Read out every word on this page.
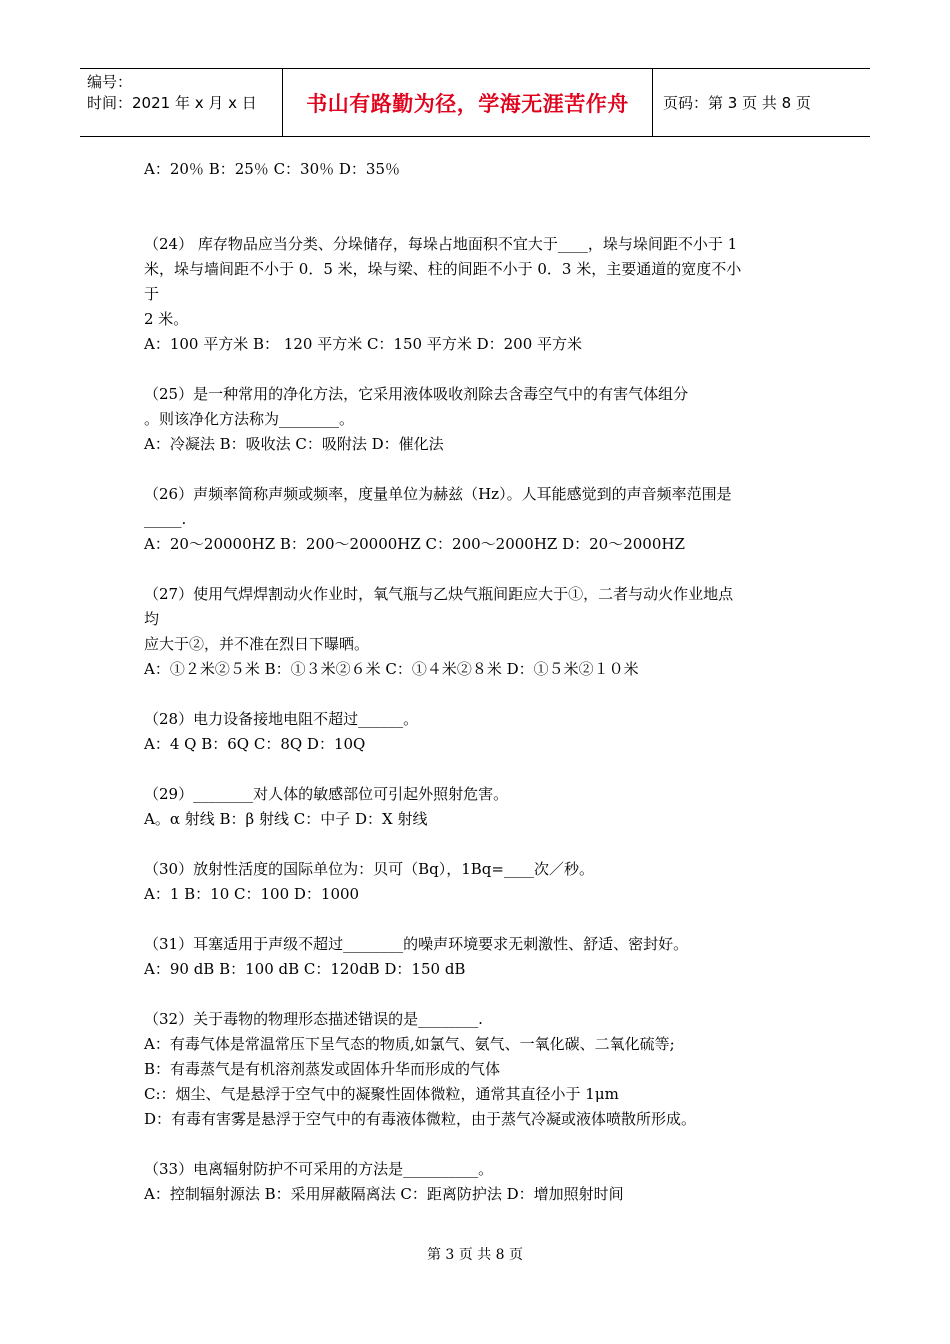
编号：
时间：2021 年 x 月 x 日	书山有路勤为径，学海无涯苦作舟 页码：第 3 页 共 8 页
A：20％ B：25％ C：30％ D：35％
（24） 库存物品应当分类、分垛储存，每垛占地面积不宜大于____，垛与垛间距不小于 1
米，垛与墙间距不小于 0．5 米，垛与梁、柱的间距不小于 0．3 米，主要通道的宽度不小
于
2 米。
A：100 平方米 B： 120 平方米 C：150 平方米 D：200 平方米
（25）是一种常用的净化方法，它采用液体吸收剂除去含毒空气中的有害气体组分
。则该净化方法称为________。
A：冷凝法 B：吸收法 C：吸附法 D：催化法
（26）声频率简称声频或频率，度量单位为赫兹（Hz）。人耳能感觉到的声音频率范围是
_____.
A：20～20000HZ B：200～20000HZ C：200～2000HZ D：20～2000HZ
（27）使用气焊焊割动火作业时，氧气瓶与乙炔气瓶间距应大于①，二者与动火作业地点
均
应大于②，并不准在烈日下曝晒。
A：①２米②５米 B：①３米②６米 C：①４米②８米 D：①５米②１０米
（28）电力设备接地电阻不超过______。
A：4 Q B：6Q C：8Q D：10Q
（29）________对人体的敏感部位可引起外照射危害。
A。α 射线 B：β 射线 C：中子 D：X 射线
（30）放射性活度的国际单位为：贝可（Bq），1Bq=____次／秒。
A：1 B：10 C：100 D：1000
（31）耳塞适用于声级不超过________的噪声环境要求无刺激性、舒适、密封好。
A：90 dB B：100 dB C：120dB D：150 dB
（32）关于毒物的物理形态描述错误的是________.
A：有毒气体是常温常压下呈气态的物质,如氯气、氨气、一氧化碳、二氧化硫等;
B：有毒蒸气是有机溶剂蒸发或固体升华而形成的气体
C:：烟尘、气是悬浮于空气中的凝聚性固体微粒，通常其直径小于 1μm
D：有毒有害雾是悬浮于空气中的有毒液体微粒，由于蒸气冷凝或液体喷散所形成。
（33）电离辐射防护不可采用的方法是__________。
A：控制辐射源法 B：采用屏蔽隔离法 C：距离防护法 D：增加照射时间
第 3 页 共 8 页
